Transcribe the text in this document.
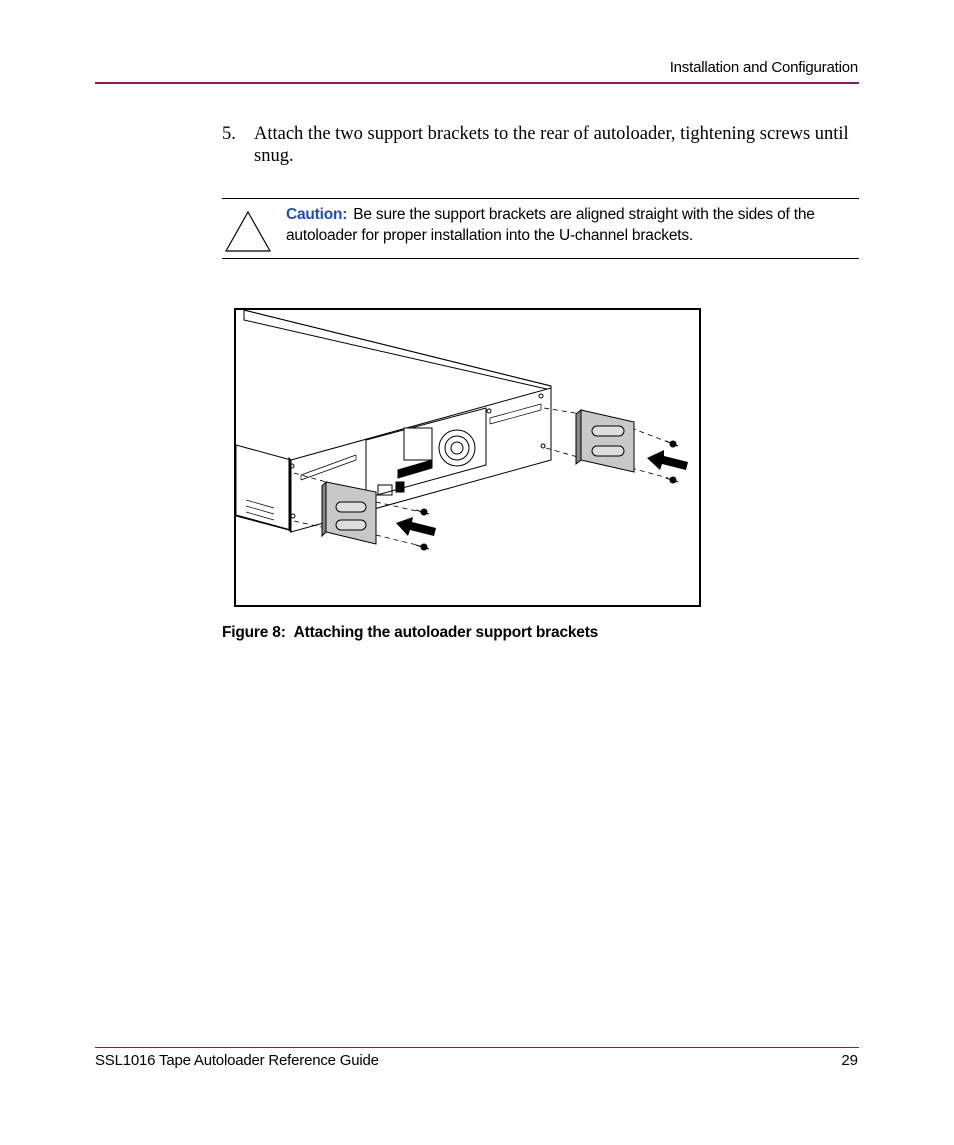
Installation and Configuration
5. Attach the two support brackets to the rear of autoloader, tightening screws until snug.
Caution: Be sure the support brackets are aligned straight with the sides of the autoloader for proper installation into the U-channel brackets.
Figure 8: Attaching the autoloader support brackets
SSL1016 Tape Autoloader Reference Guide	29
